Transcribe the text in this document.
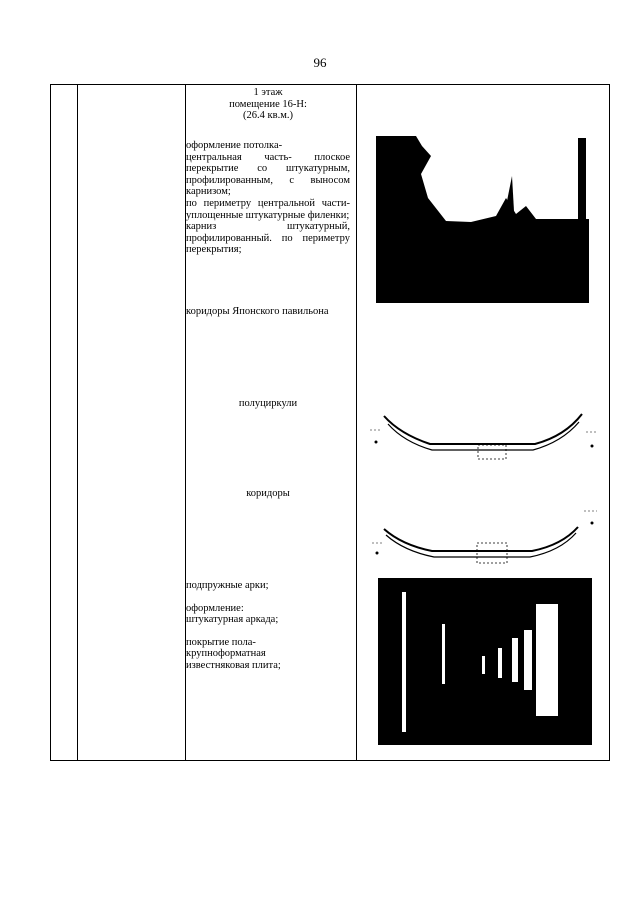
96
1 этаж
помещение 16-Н:
(26.4 кв.м.)
оформление потолка-
центральная часть- плоское перекрытие со штукатурным, профилированным, с выносом карнизом;
по периметру центральной части- уплощенные штукатурные филенки;
карниз штукатурный, профилированный. по периметру перекрытия;
коридоры Японского павильона
полуциркули
коридоры
подпружные арки;
оформление:
штукатурная аркада;
покрытие пола-
крупноформатная
известняковая плита;
